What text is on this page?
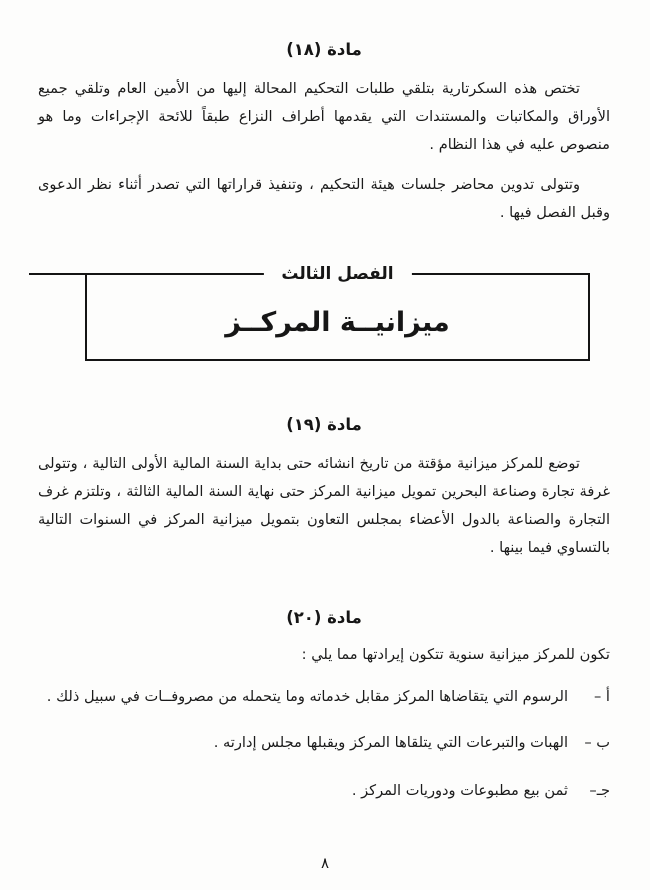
مادة (١٨)

تختص هذه السكرتارية بتلقي طلبات التحكيم المحالة إليها من الأمين العام وتلقي جميع الأوراق والمكاتبات والمستندات التي يقدمها أطراف النزاع طبقاً للائحة الإجراءات وما هو منصوص عليه في هذا النظام .

وتتولى تدوين محاضر جلسات هيئة التحكيم ، وتنفيذ قراراتها التي تصدر أثناء نظر الدعوى وقبل الفصل فيها .

الفصل الثالث
ميزانيــة المركــز
مادة (١٩)

توضع للمركز ميزانية مؤقتة من تاريخ انشائه حتى بداية السنة المالية الأولى التالية ، وتتولى غرفة تجارة وصناعة البحرين تمويل ميزانية المركز حتى نهاية السنة المالية الثالثة ، وتلتزم غرف التجارة والصناعة بالدول الأعضاء بمجلس التعاون بتمويل ميزانية المركز في السنوات التالية بالتساوي فيما بينها .

مادة (٢٠)

تكون للمركز ميزانية سنوية تتكون إيرادتها مما يلي :

أ –
الرسوم التي يتقاضاها المركز مقابل خدماته وما يتحمله من مصروفــات في سبيل ذلك .
ب –
الهبات والتبرعات التي يتلقاها المركز ويقبلها مجلس إدارته .
جـ–
ثمن بيع مطبوعات ودوريات المركز .
٨
